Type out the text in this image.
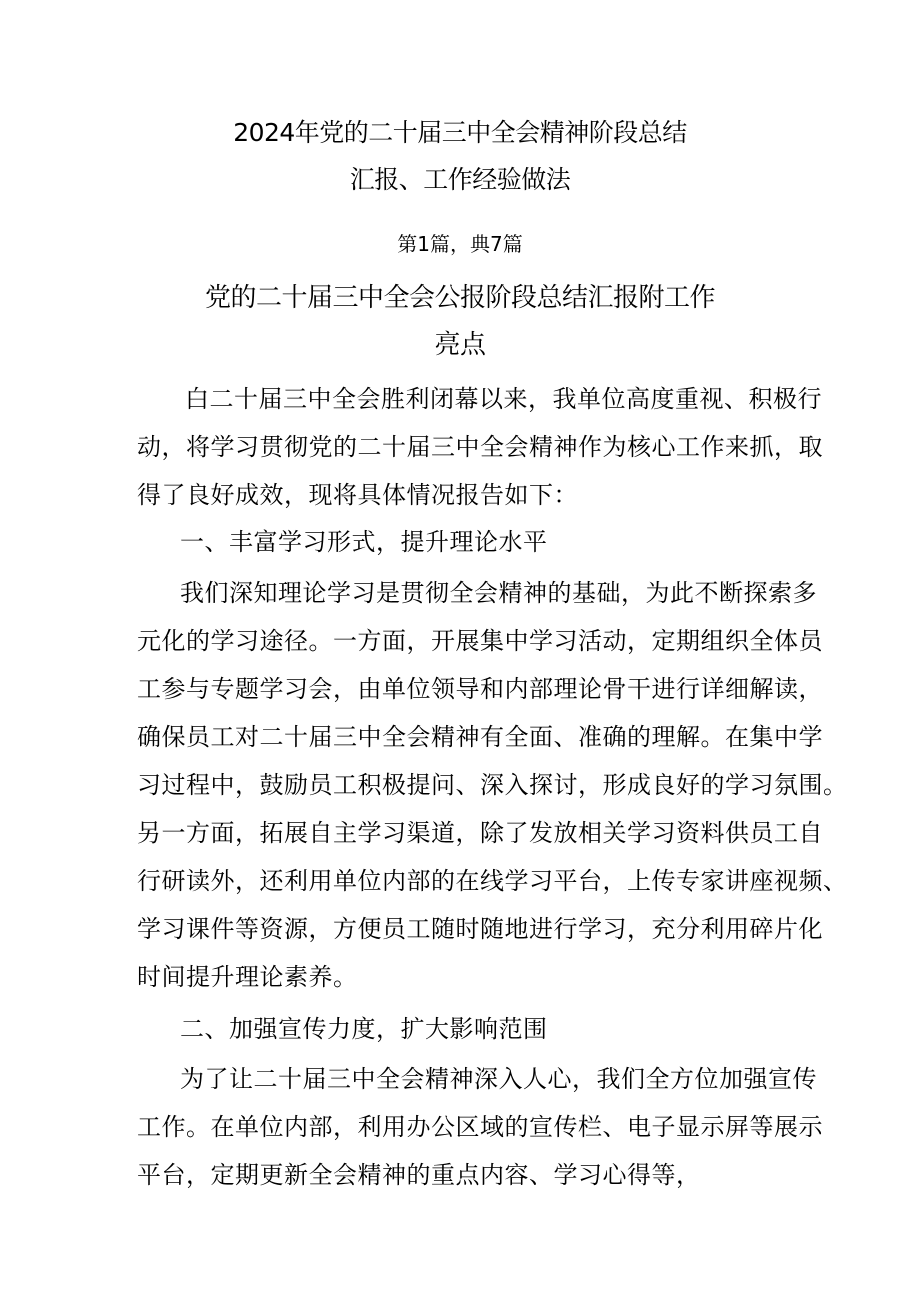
2024年党的二十届三中全会精神阶段总结
汇报、工作经验做法
第1篇，典7篇
党的二十届三中全会公报阶段总结汇报附工作
亮点
白二十届三中全会胜利闭幕以来，我单位高度重视、积极行
动，将学习贯彻党的二十届三中全会精神作为核心工作来抓，取
得了良好成效，现将具体情况报告如下：
一、丰富学习形式，提升理论水平
我们深知理论学习是贯彻全会精神的基础，为此不断探索多
元化的学习途径。一方面，开展集中学习活动，定期组织全体员
工参与专题学习会，由单位领导和内部理论骨干进行详细解读，
确保员工对二十届三中全会精神有全面、准确的理解。在集中学
习过程中，鼓励员工积极提问、深入探讨，形成良好的学习氛围。
另一方面，拓展自主学习渠道，除了发放相关学习资料供员工自
行研读外，还利用单位内部的在线学习平台，上传专家讲座视频、
学习课件等资源，方便员工随时随地进行学习，充分利用碎片化
时间提升理论素养。
二、加强宣传力度，扩大影响范围
为了让二十届三中全会精神深入人心，我们全方位加强宣传
工作。在单位内部，利用办公区域的宣传栏、电子显示屏等展示
平台，定期更新全会精神的重点内容、学习心得等，
